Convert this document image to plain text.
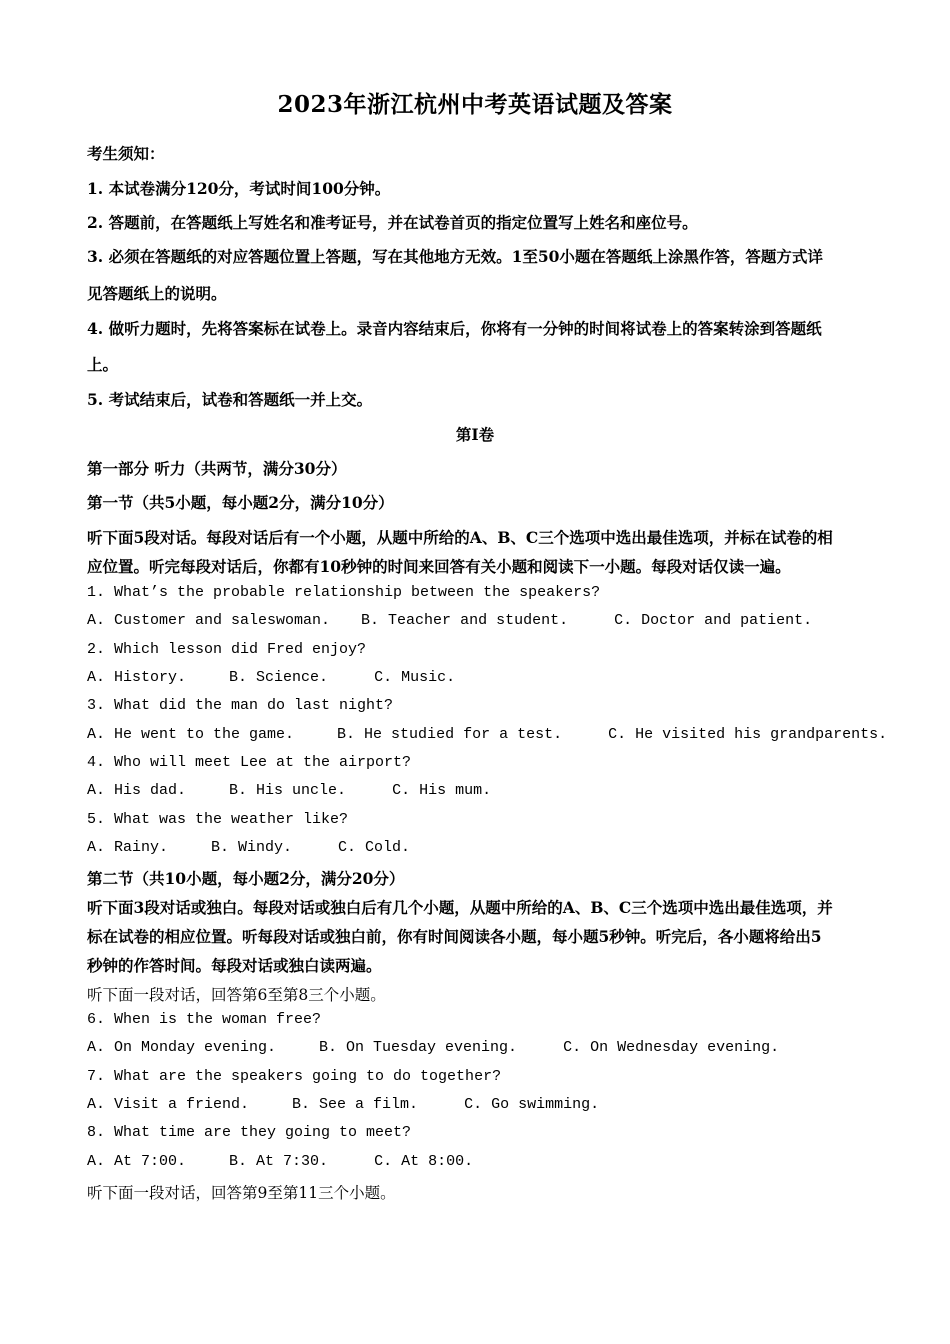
2023年浙江杭州中考英语试题及答案
考生须知：
1. 本试卷满分120分，考试时间100分钟。
2. 答题前，在答题纸上写姓名和准考证号，并在试卷首页的指定位置写上姓名和座位号。
3. 必须在答题纸的对应答题位置上答题，写在其他地方无效。1至50小题在答题纸上涂黑作答，答题方式详
见答题纸上的说明。
4. 做听力题时，先将答案标在试卷上。录音内容结束后，你将有一分钟的时间将试卷上的答案转涂到答题纸
上。
5. 考试结束后，试卷和答题纸一并上交。
第Ⅰ卷
第一部分 听力（共两节，满分30分）
第一节（共5小题，每小题2分，满分10分）
听下面5段对话。每段对话后有一个小题，从题中所给的A、B、C三个选项中选出最佳选项，并标在试卷的相
应位置。听完每段对话后，你都有10秒钟的时间来回答有关小题和阅读下一小题。每段对话仅读一遍。
1. What’s the probable relationship between the speakers?
A. Customer and saleswoman. B. Teacher and student.	C. Doctor and patient.
2. Which lesson did Fred enjoy?
A. History.	B. Science.	C. Music.
3. What did the man do last night?
A. He went to the game.	B. He studied for a test.	C. He visited his grandparents.
4. Who will meet Lee at the airport?
A. His dad.	B. His uncle.	C. His mum.
5. What was the weather like?
A. Rainy.	B. Windy.	C. Cold.
第二节（共10小题，每小题2分，满分20分）
听下面3段对话或独白。每段对话或独白后有几个小题，从题中所给的A、B、C三个选项中选出最佳选项，并
标在试卷的相应位置。听每段对话或独白前，你有时间阅读各小题，每小题5秒钟。听完后，各小题将给出5
秒钟的作答时间。每段对话或独白读两遍。
听下面一段对话，回答第6至第8三个小题。
6. When is the woman free?
A. On Monday evening.	B. On Tuesday evening.	C. On Wednesday evening.
7. What are the speakers going to do together?
A. Visit a friend.	B. See a film.	C. Go swimming.
8. What time are they going to meet?
A. At 7:00.	B. At 7:30.	C. At 8:00.
听下面一段对话，回答第9至第11三个小题。
